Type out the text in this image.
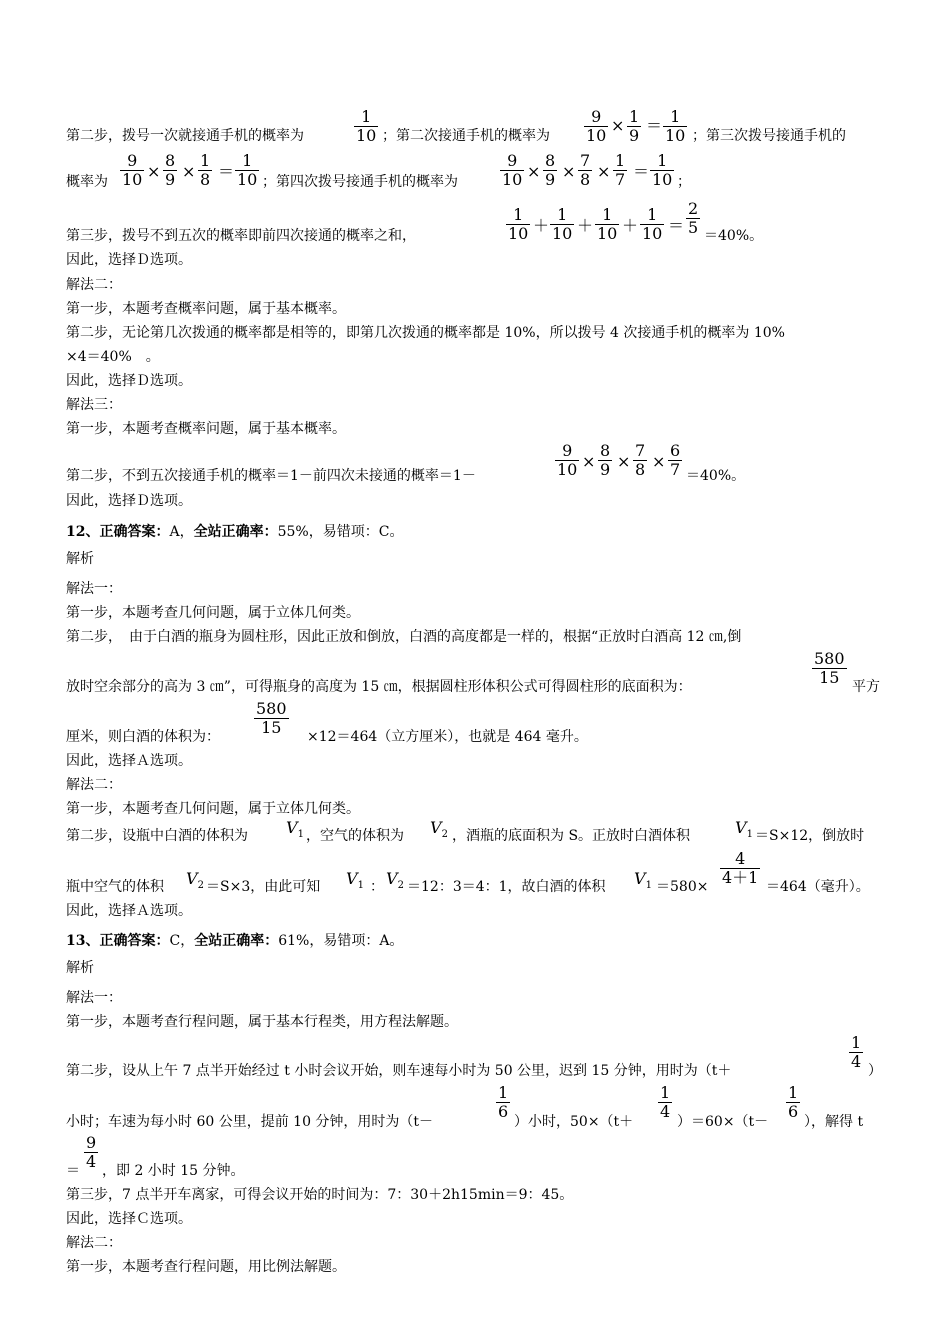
第二步，拨号一次就接通手机的概率为
1
10 ；第二次接通手机的概率为
9
10
× 1
9
＝ 1
10 ；第三次拨号接通手机的
概率为
9
10 ×
8
9 ×
1
8 ＝
1
10 ；第四次拨号接通手机的概率为
9
10 ×
8
9 ×
7
8 ×
1
7 ＝
1
10 ；
第三步，拨号不到五次的概率即前四次接通的概率之和，
1
10 ＋
1
10 ＋
1
10 ＋
1
10 ＝
2
5 ＝40%。
因此，选择Ｄ选项。
解法二：
第一步，本题考查概率问题，属于基本概率。
第二步，无论第几次拨通的概率都是相等的，即第几次拨通的概率都是 10%，所以拨号 4 次接通手机的概率为 10%
×4＝40%　。
因此，选择Ｄ选项。
解法三：
第一步，本题考查概率问题，属于基本概率。
第二步，不到五次接通手机的概率＝1－前四次未接通的概率＝1－
9
10 ×
8
9 ×
7
8 ×
6
7 ＝40%。
因此，选择Ｄ选项。
12、正确答案：A，全站正确率：55%，易错项：C。
解析
解法一：
第一步，本题考查几何问题，属于立体几何类。
第二步，　由于白酒的瓶身为圆柱形，因此正放和倒放，白酒的高度都是一样的，根据“正放时白酒高 12 ㎝,倒
放时空余部分的高为 3 ㎝”，可得瓶身的高度为 15 ㎝，根据圆柱形体积公式可得圆柱形的底面积为：
580
15 平方
厘米，则白酒的体积为：
580
15	×12＝464（立方厘米），也就是 464 毫升。
因此，选择Ａ选项。
解法二：
第一步，本题考查几何问题，属于立体几何类。
第二步，设瓶中白酒的体积为 $V_1$ ，空气的体积为 $V_2$ ，酒瓶的底面积为 S。正放时白酒体积	$V_1 =S\times 12$，倒放时
瓶中空气的体积 $V_2 =S\times 3$，由此可知 $V_1$ ： $V_2 =12$：3＝4：1，故白酒的体积 $V_1 =580\times$
4
4＋1 ＝464（毫升）。
因此，选择Ａ选项。
13、正确答案：C，全站正确率：61%，易错项：A。
解析
解法一：
第一步，本题考查行程问题，属于基本行程类，用方程法解题。
第二步，设从上午 7 点半开始经过 t 小时会议开始，则车速每小时为 50 公里，迟到 15 分钟，用时为（t＋
1
4 ）
小时；车速为每小时 60 公里，提前 10 分钟，用时为（t－
1
6
）小时，50×（t＋
1
4
）＝60×（t－
1
6
），解得 t
＝
9
4 ，即 2 小时 15 分钟。
第三步，7 点半开车离家，可得会议开始的时间为：7：30＋2h15min＝9：45。
因此，选择Ｃ选项。
解法二：
第一步，本题考查行程问题，用比例法解题。
